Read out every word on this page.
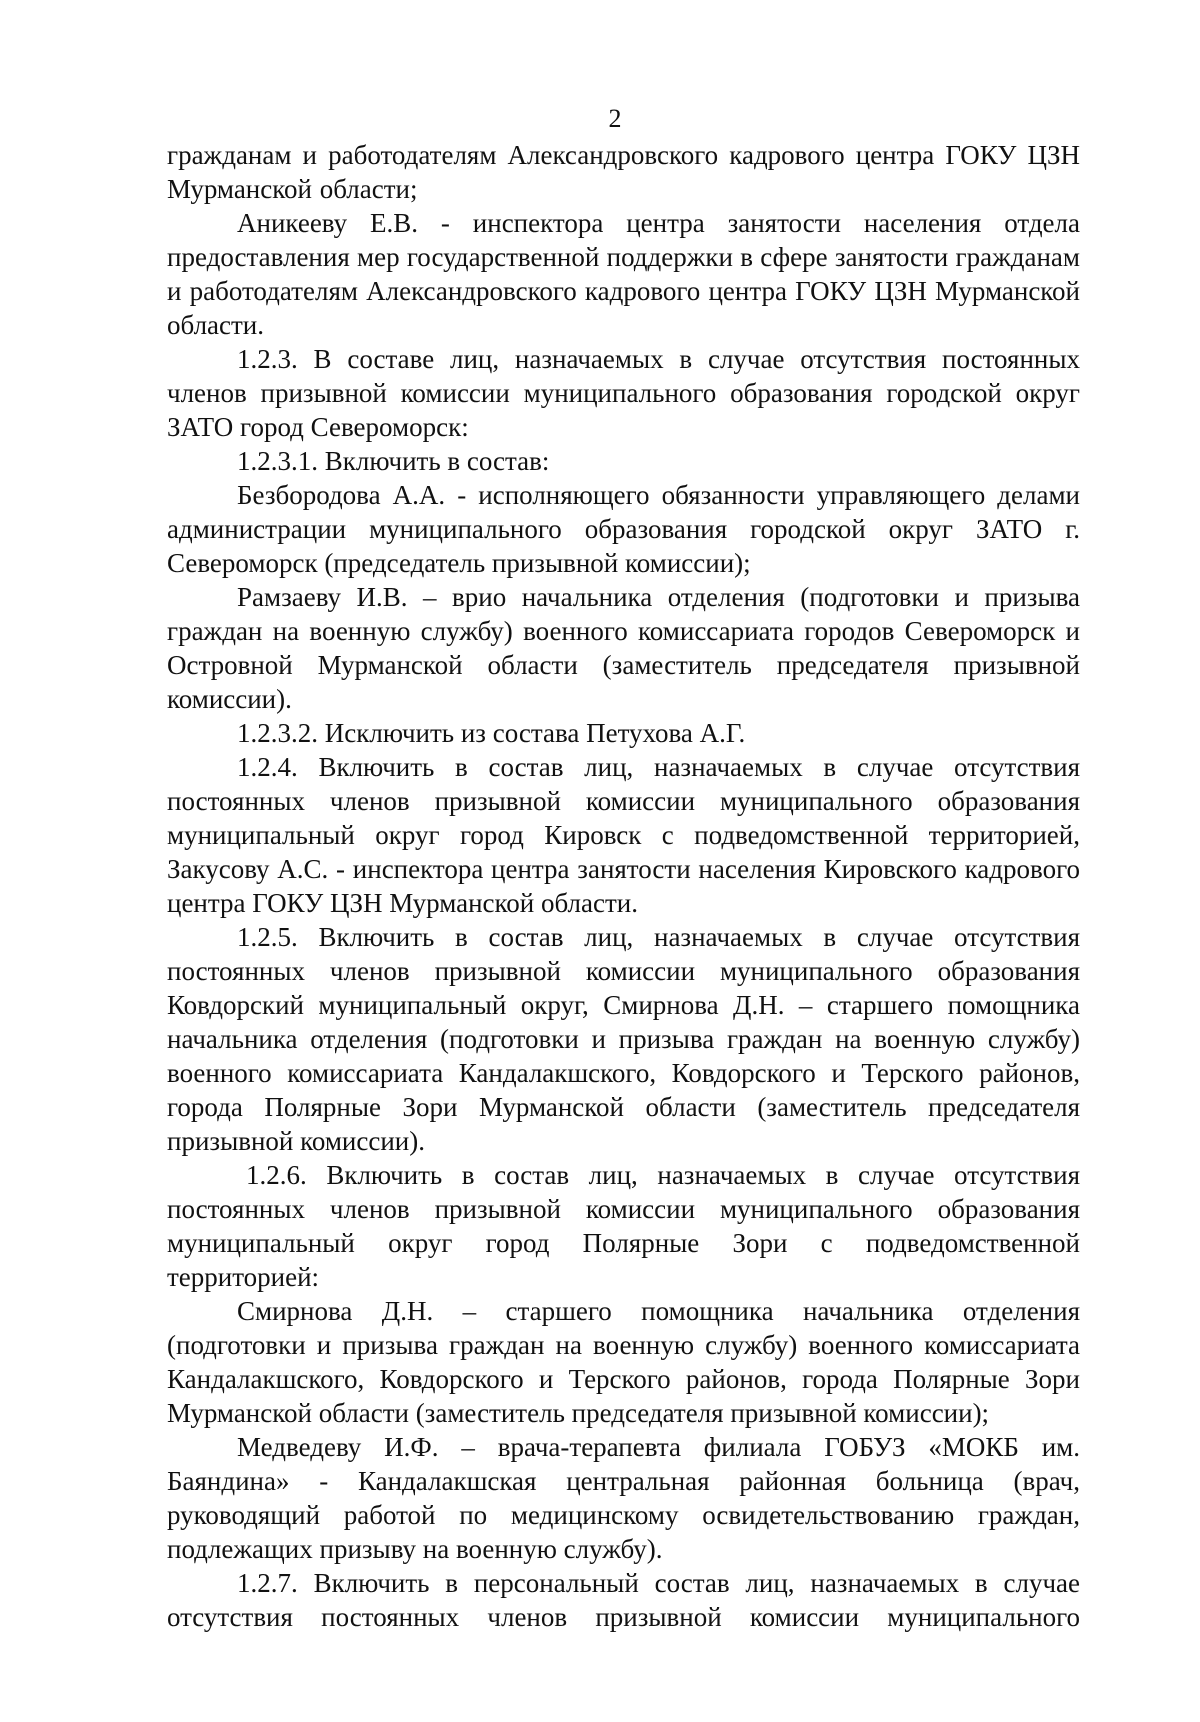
2

гражданам и работодателям Александровского кадрового центра ГОКУ ЦЗН Мурманской области;

Аникееву Е.В. - инспектора центра занятости населения отдела предоставления мер государственной поддержки в сфере занятости гражданам и работодателям Александровского кадрового центра ГОКУ ЦЗН Мурманской области.

1.2.3. В составе лиц, назначаемых в случае отсутствия постоянных членов призывной комиссии муниципального образования городской округ ЗАТО город Североморск:

1.2.3.1. Включить в состав:

Безбородова А.А. - исполняющего обязанности управляющего делами администрации муниципального образования городской округ ЗАТО г. Североморск (председатель призывной комиссии);

Рамзаеву И.В. – врио начальника отделения (подготовки и призыва граждан на военную службу) военного комиссариата городов Североморск и Островной Мурманской области (заместитель председателя призывной комиссии).

1.2.3.2. Исключить из состава Петухова А.Г.

1.2.4. Включить в состав лиц, назначаемых в случае отсутствия постоянных членов призывной комиссии муниципального образования муниципальный округ город Кировск с подведомственной территорией, Закусову А.С. - инспектора центра занятости населения Кировского кадрового центра ГОКУ ЦЗН Мурманской области.

1.2.5. Включить в состав лиц, назначаемых в случае отсутствия постоянных членов призывной комиссии муниципального образования Ковдорский муниципальный округ, Смирнова Д.Н. – старшего помощника начальника отделения (подготовки и призыва граждан на военную службу) военного комиссариата Кандалакшского, Ковдорского и Терского районов, города Полярные Зори Мурманской области (заместитель председателя призывной комиссии).

1.2.6. Включить в состав лиц, назначаемых в случае отсутствия постоянных членов призывной комиссии муниципального образования муниципальный округ город Полярные Зори с подведомственной территорией:

Смирнова Д.Н. – старшего помощника начальника отделения (подготовки и призыва граждан на военную службу) военного комиссариата Кандалакшского, Ковдорского и Терского районов, города Полярные Зори Мурманской области (заместитель председателя призывной комиссии);

Медведеву И.Ф. – врача-терапевта филиала ГОБУЗ «МОКБ им. Баяндина» - Кандалакшская центральная районная больница (врач, руководящий работой по медицинскому освидетельствованию граждан, подлежащих призыву на военную службу).

1.2.7. Включить в персональный состав лиц, назначаемых в случае отсутствия постоянных членов призывной комиссии муниципального
